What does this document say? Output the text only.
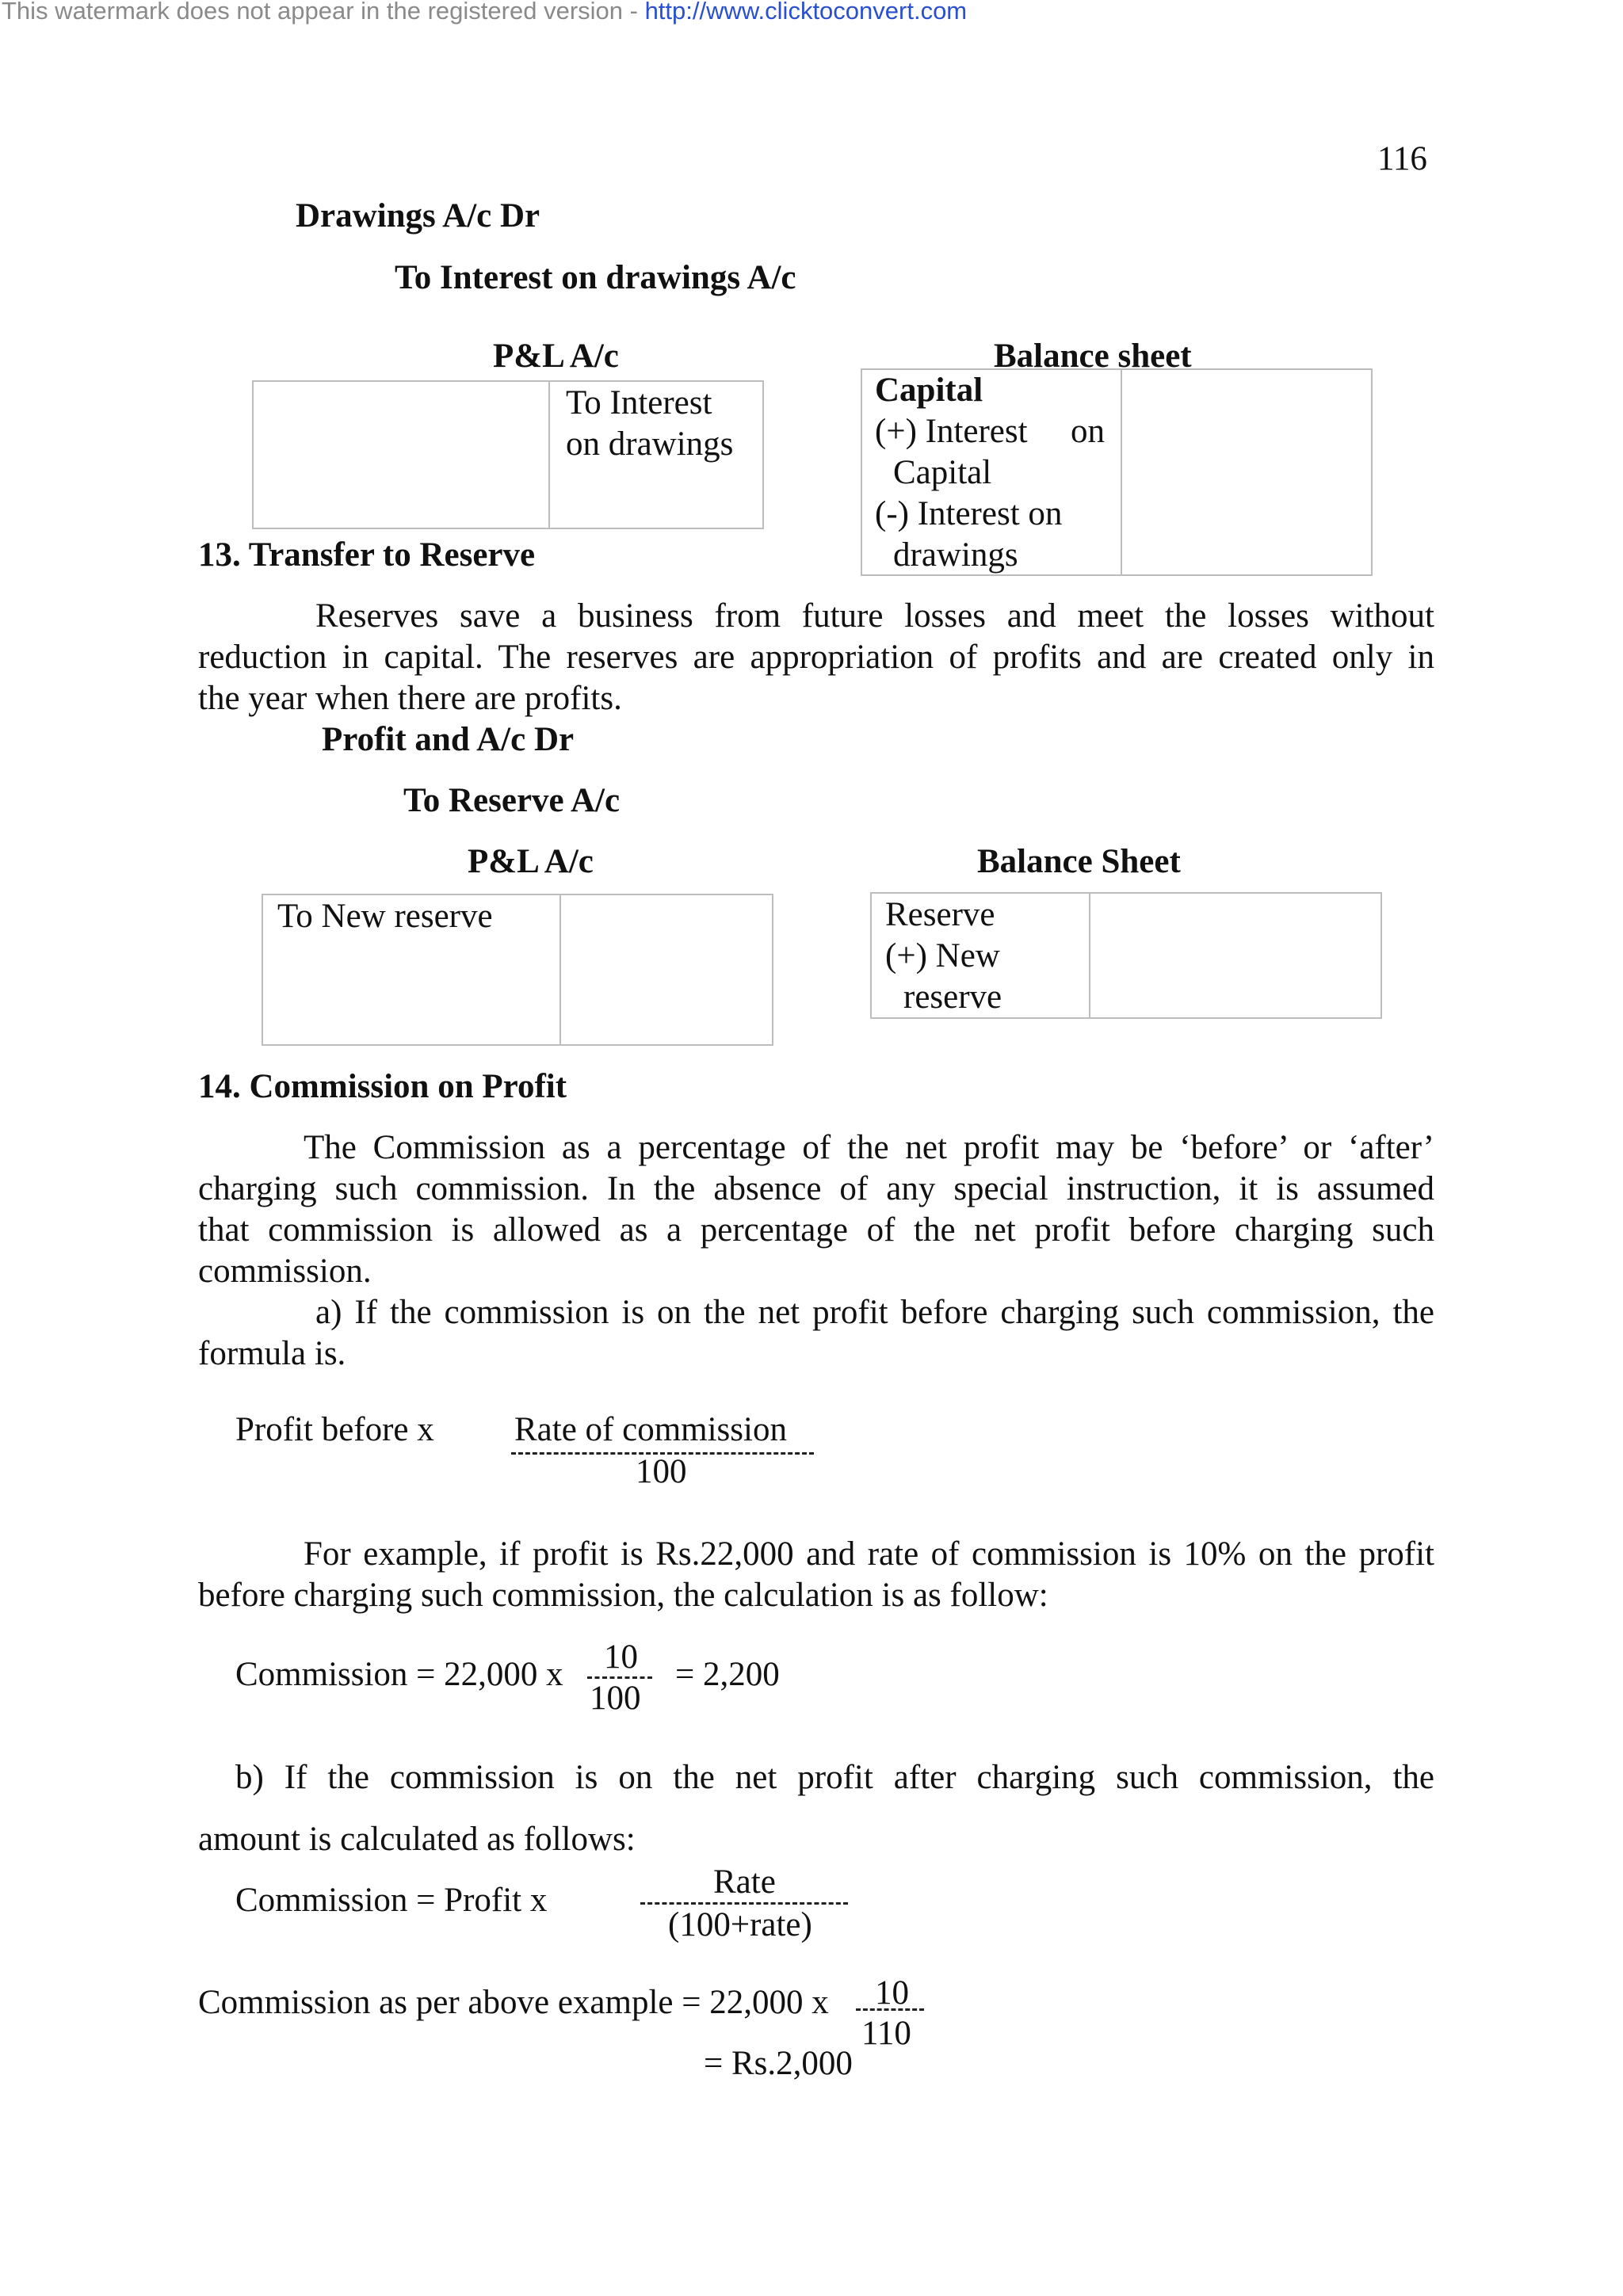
This watermark does not appear in the registered version - http://www.clicktoconvert.com
116
Drawings A/c Dr
To Interest on drawings A/c
P&L A/c
To Interest
on drawings
Balance sheet
Capital
(+) Interest on
Capital
(-) Interest on
drawings
13. Transfer to Reserve
Reserves save a business from future losses and meet the losses without
reduction in capital. The reserves are appropriation of profits and are created only in
the year when there are profits.
Profit and A/c Dr
To Reserve A/c
P&L A/c
To New reserve
Balance Sheet
Reserve
(+) New
reserve
14. Commission on Profit
The Commission as a percentage of the net profit may be ‘before’ or ‘after’
charging such commission. In the absence of any special instruction, it is assumed
that commission is allowed as a percentage of the net profit before charging such
commission.
a) If the commission is on the net profit before charging such commission, the
formula is.
Profit before x Rate of commission
100
For example, if profit is Rs.22,000 and rate of commission is 10% on the profit
before charging such commission, the calculation is as follow:
Commission = 22,000 x 10
100
= 2,200
b) If the commission is on the net profit after charging such commission, the
amount is calculated as follows:
Commission = Profit x	Rate
(100+rate)
Commission as per above example = 22,000 x 10
110
= Rs.2,000
